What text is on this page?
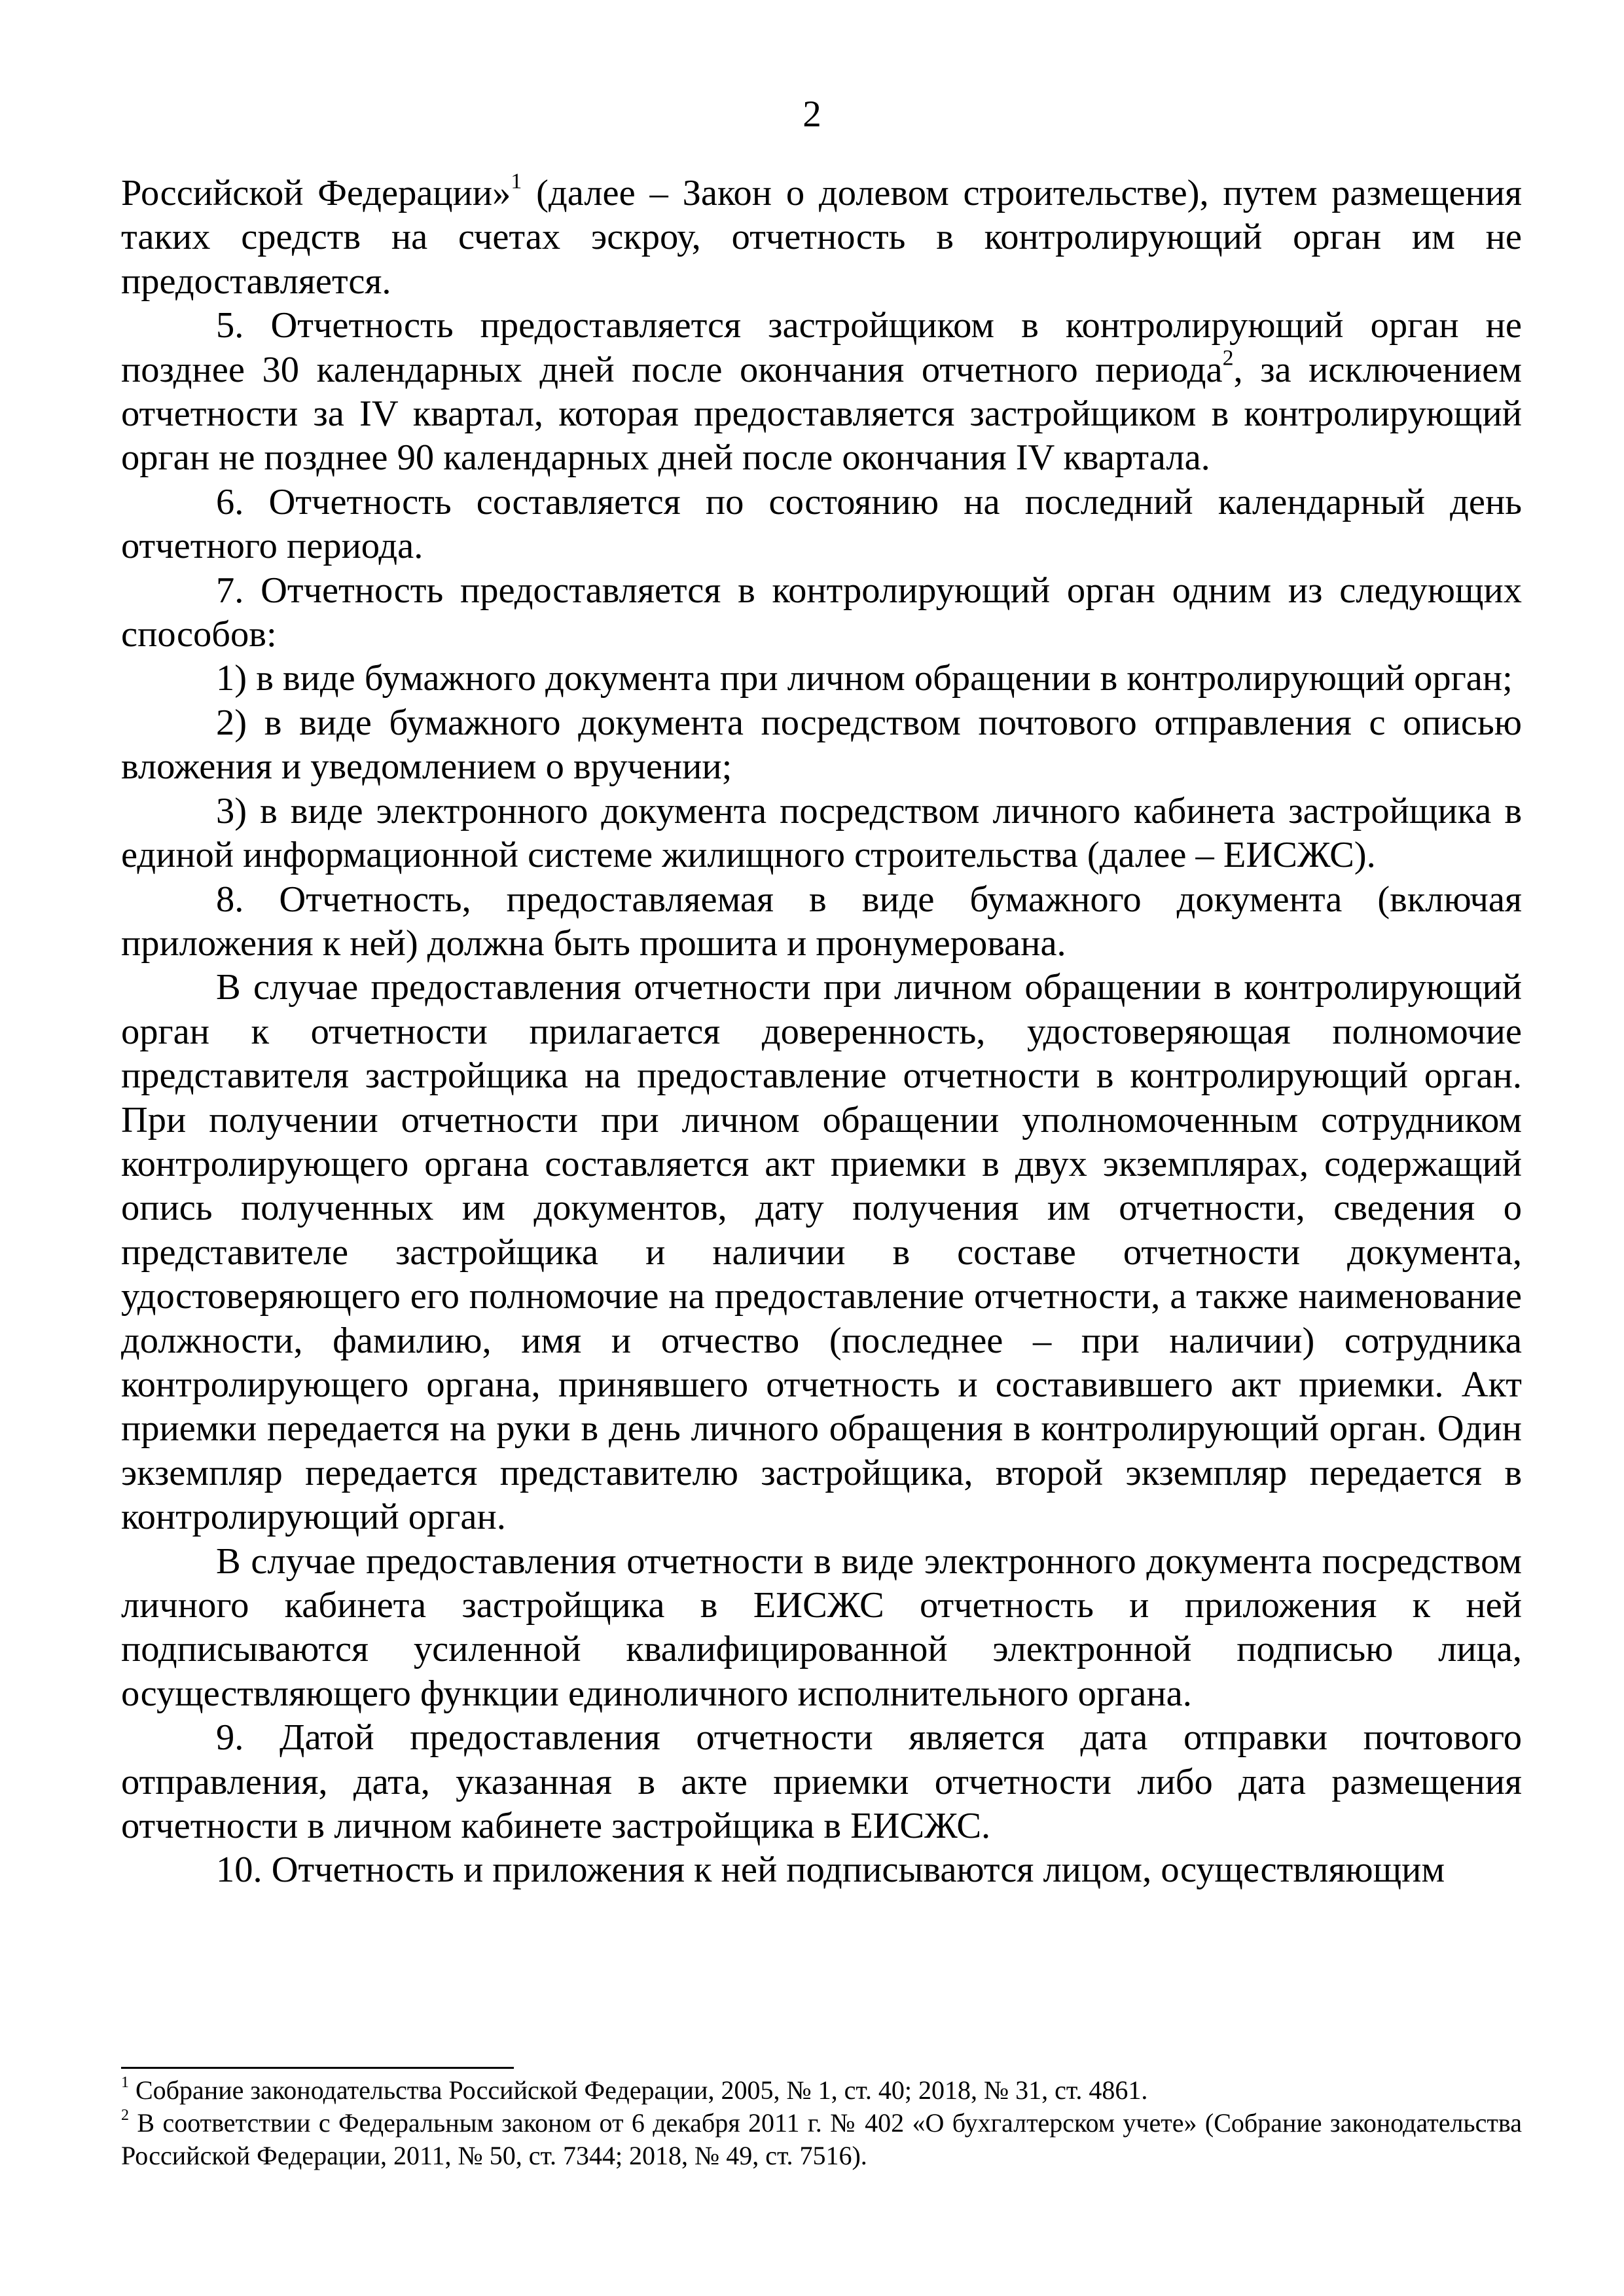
2

Российской Федерации»$^1$ (далее – Закон о долевом строительстве), путем размещения таких средств на счетах эскроу, отчетность в контролирующий орган им не предоставляется.

5. Отчетность предоставляется застройщиком в контролирующий орган не позднее 30 календарных дней после окончания отчетного периода$^2$, за исключением отчетности за IV квартал, которая предоставляется застройщиком в контролирующий орган не позднее 90 календарных дней после окончания IV квартала.

6. Отчетность составляется по состоянию на последний календарный день отчетного периода.

7. Отчетность предоставляется в контролирующий орган одним из следующих способов:

1) в виде бумажного документа при личном обращении в контролирующий орган;

2) в виде бумажного документа посредством почтового отправления с описью вложения и уведомлением о вручении;

3) в виде электронного документа посредством личного кабинета застройщика в единой информационной системе жилищного строительства (далее – ЕИСЖС).

8. Отчетность, предоставляемая в виде бумажного документа (включая приложения к ней) должна быть прошита и пронумерована.

В случае предоставления отчетности при личном обращении в контролирующий орган к отчетности прилагается доверенность, удостоверяющая полномочие представителя застройщика на предоставление отчетности в контролирующий орган. При получении отчетности при личном обращении уполномоченным сотрудником контролирующего органа составляется акт приемки в двух экземплярах, содержащий опись полученных им документов, дату получения им отчетности, сведения о представителе застройщика и наличии в составе отчетности документа, удостоверяющего его полномочие на предоставление отчетности, а также наименование должности, фамилию, имя и отчество (последнее – при наличии) сотрудника контролирующего органа, принявшего отчетность и составившего акт приемки. Акт приемки передается на руки в день личного обращения в контролирующий орган. Один экземпляр передается представителю застройщика, второй экземпляр передается в контролирующий орган.

В случае предоставления отчетности в виде электронного документа посредством личного кабинета застройщика в ЕИСЖС отчетность и приложения к ней подписываются усиленной квалифицированной электронной подписью лица, осуществляющего функции единоличного исполнительного органа.

9. Датой предоставления отчетности является дата отправки почтового отправления, дата, указанная в акте приемки отчетности либо дата размещения отчетности в личном кабинете застройщика в ЕИСЖС.

10. Отчетность и приложения к ней подписываются лицом, осуществляющим

$^1$ Собрание законодательства Российской Федерации, 2005, № 1, ст. 40; 2018, № 31, ст. 4861.

$^2$ В соответствии с Федеральным законом от 6 декабря 2011 г. № 402 «О бухгалтерском учете» (Собрание законодательства Российской Федерации, 2011, № 50, ст. 7344; 2018, № 49, ст. 7516).
